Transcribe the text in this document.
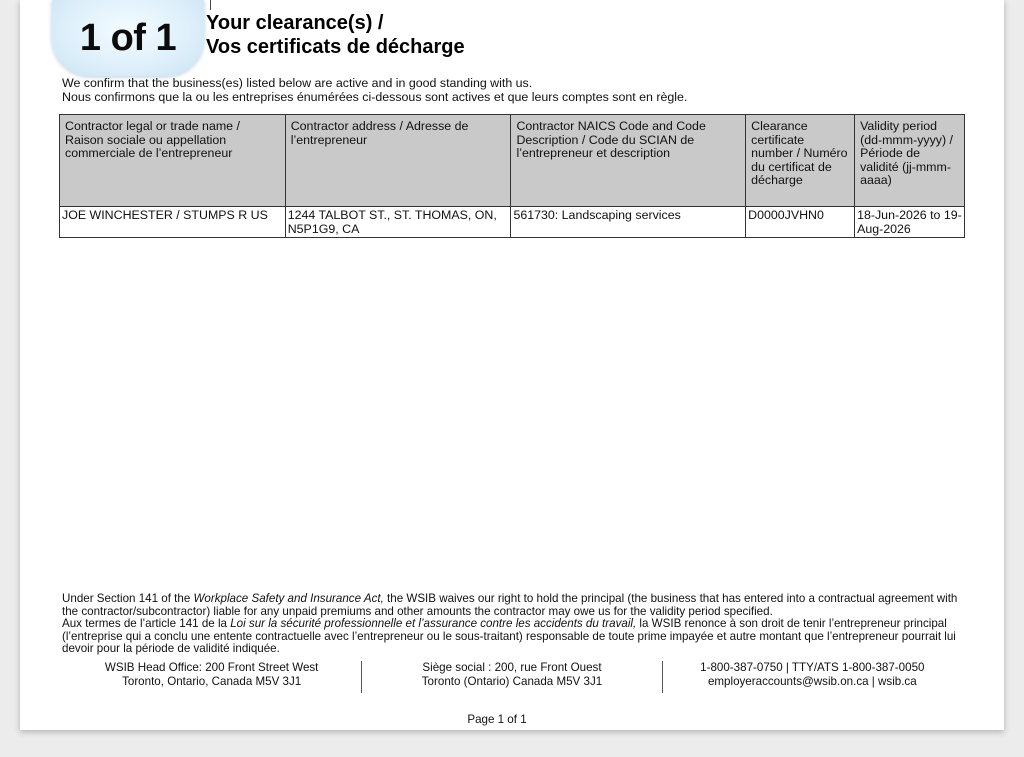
1 of 1 Your clearance(s) /
Vos certificats de décharge
We confirm that the business(es) listed below are active and in good standing with us.
Nous confirmons que la ou les entreprises énumérées ci-dessous sont actives et que leurs comptes sont en règle.
Contractor legal or trade name / Raison sociale ou appellation commerciale de l’entrepreneur	Contractor address / Adresse de l’entrepreneur	Contractor NAICS Code and Code Description / Code du SCIAN de l’entrepreneur et description	Clearance certificate number / Numéro du certificat de décharge	Validity period (dd-mmm-yyyy) / Période de validité (jj-mmm-aaaa)
JOE WINCHESTER / STUMPS R US	1244 TALBOT ST., ST. THOMAS, ON, N5P1G9, CA	561730: Landscaping services	D0000JVHN0	18-Jun-2026 to 19-Aug-2026

Under Section 141 of the Workplace Safety and Insurance Act, the WSIB waives our right to hold the principal (the business that has entered into a contractual agreement with the contractor/subcontractor) liable for any unpaid premiums and other amounts the contractor may owe us for the validity period specified.

Aux termes de l’article 141 de la Loi sur la sécurité professionnelle et l’assurance contre les accidents du travail, la WSIB renonce à son droit de tenir l’entrepreneur principal (l’entreprise qui a conclu une entente contractuelle avec l’entrepreneur ou le sous-traitant) responsable de toute prime impayée et autre montant que l’entrepreneur pourrait lui devoir pour la période de validité indiquée.

WSIB Head Office: 200 Front Street West
Toronto, Ontario, Canada M5V 3J1
Siège social : 200, rue Front Ouest
Toronto (Ontario) Canada M5V 3J1
1-800-387-0750 | TTY/ATS 1-800-387-0050
employeraccounts@wsib.on.ca | wsib.ca
Page 1 of 1
